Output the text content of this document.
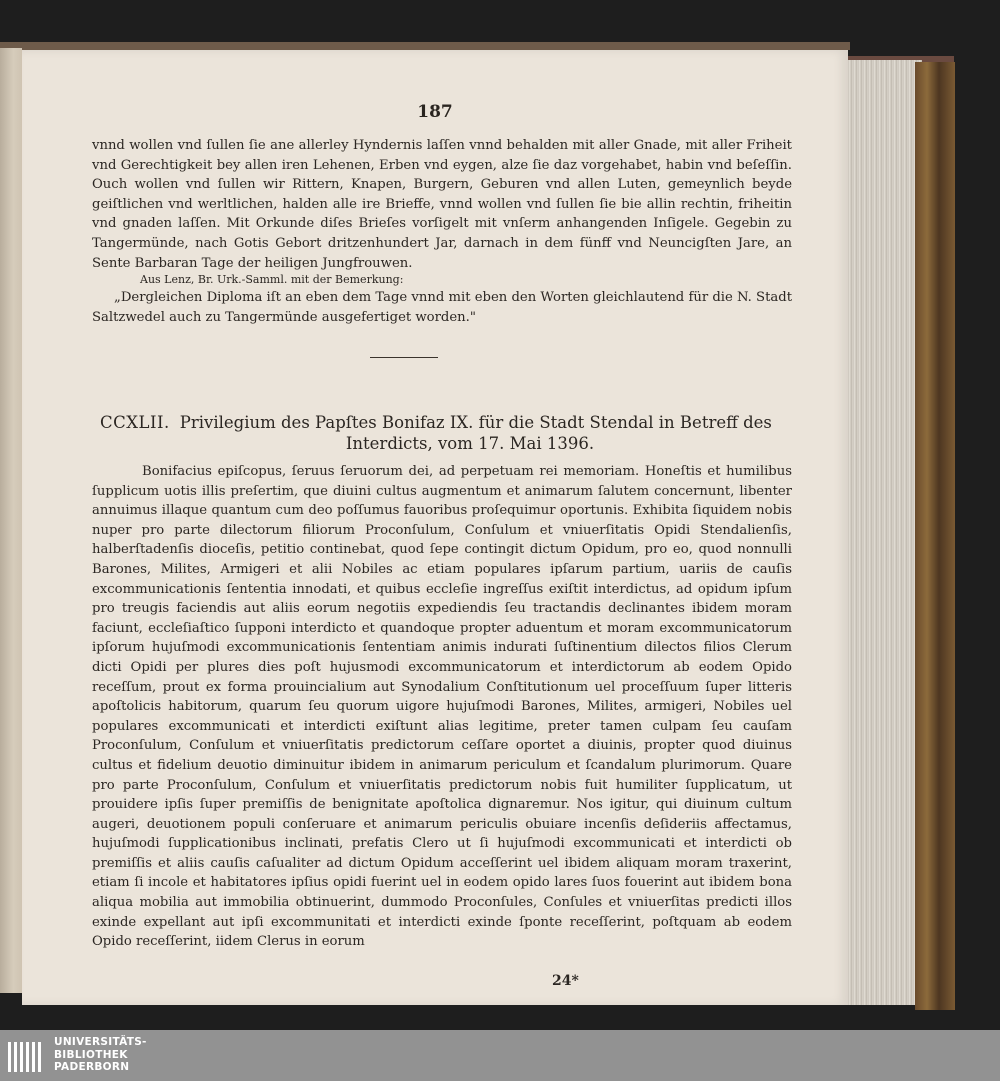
187

vnnd wollen vnd ſullen ſie ane allerley Hyndernis laſſen vnnd behalden mit aller Gnade, mit aller Friheit vnd Gerechtigkeit bey allen iren Lehenen, Erben vnd eygen, alze ſie daz vorgehabet, habin vnd beſeſſin. Ouch wollen vnd ſullen wir Rittern, Knapen, Burgern, Geburen vnd allen Luten, gemeynlich beyde geiſtlichen vnd werltlichen, halden alle ire Brieffe, vnnd wollen vnd ſullen ſie bie allin rechtin, friheitin vnd gnaden laſſen. Mit Orkunde diſes Brieſes vorſigelt mit vnſerm anhangenden Inſigele. Gegebin zu Tangermünde, nach Gotis Gebort dritzenhundert Jar, darnach in dem fünff vnd Neuncigſten Jare, an Sente Barbaran Tage der heiligen Jungfrouwen.

Aus Lenz, Br. Urk.-Samml. mit der Bemerkung:

„Dergleichen Diploma iſt an eben dem Tage vnnd mit eben den Worten gleichlautend für die N. Stadt Saltzwedel auch zu Tangermünde ausgefertiget worden."

CCXLII. Privilegium des Papſtes Bonifaz IX. für die Stadt Stendal in Betreff des
Interdicts, vom 17. Mai 1396.

Bonifacius epiſcopus, ſeruus ſeruorum dei, ad perpetuam rei memoriam. Honeſtis et humilibus ſupplicum uotis illis preſertim, que diuini cultus augmentum et animarum ſalutem concernunt, libenter annuimus illaque quantum cum deo poſſumus fauoribus proſequimur oportunis. Exhibita ſiquidem nobis nuper pro parte dilectorum filiorum Proconſulum, Conſulum et vniuerſitatis Opidi Stendalienſis, halberſtadenſis dioceſis, petitio continebat, quod ſepe contingit dictum Opidum, pro eo, quod nonnulli Barones, Milites, Armigeri et alii Nobiles ac etiam populares ipſarum partium, uariis de cauſis excommunicationis ſententia innodati, et quibus eccleſie ingreſſus exiſtit interdictus, ad opidum ipſum pro treugis faciendis aut aliis eorum negotiis expediendis ſeu tractandis declinantes ibidem moram faciunt, eccleſiaſtico ſupponi interdicto et quandoque propter aduentum et moram excommunicatorum ipſorum hujuſmodi excommunicationis ſententiam animis indurati ſuſtinentium dilectos filios Clerum dicti Opidi per plures dies poſt hujusmodi excommunicatorum et interdictorum ab eodem Opido receſſum, prout ex forma prouincialium aut Synodalium Conſtitutionum uel proceſſuum ſuper litteris apoſtolicis habitorum, quarum ſeu quorum uigore hujuſmodi Barones, Milites, armigeri, Nobiles uel populares excommunicati et interdicti exiſtunt alias legitime, preter tamen culpam ſeu cauſam Proconſulum, Conſulum et vniuerſitatis predictorum ceſſare oportet a diuinis, propter quod diuinus cultus et fidelium deuotio diminuitur ibidem in animarum periculum et ſcandalum plurimorum. Quare pro parte Proconſulum, Conſulum et vniuerſitatis predictorum nobis fuit humiliter ſupplicatum, ut prouidere ipſis ſuper premiſſis de benignitate apoſtolica dignaremur. Nos igitur, qui diuinum cultum augeri, deuotionem populi conſeruare et animarum periculis obuiare incenſis deſideriis affectamus, hujuſmodi ſupplicationibus inclinati, prefatis Clero ut ſi hujuſmodi excommunicati et interdicti ob premiſſis et aliis cauſis caſualiter ad dictum Opidum acceſſerint uel ibidem aliquam moram traxerint, etiam ſi incole et habitatores ipſius opidi fuerint uel in eodem opido lares ſuos fouerint aut ibidem bona aliqua mobilia aut immobilia obtinuerint, dummodo Proconſules, Conſules et vniuerſitas predicti illos exinde expellant aut ipſi excommunitati et interdicti exinde ſponte receſſerint, poſtquam ab eodem Opido receſſerint, iidem Clerus in eorum

24*
UNIVERSITÄTS-
BIBLIOTHEK
PADERBORN
